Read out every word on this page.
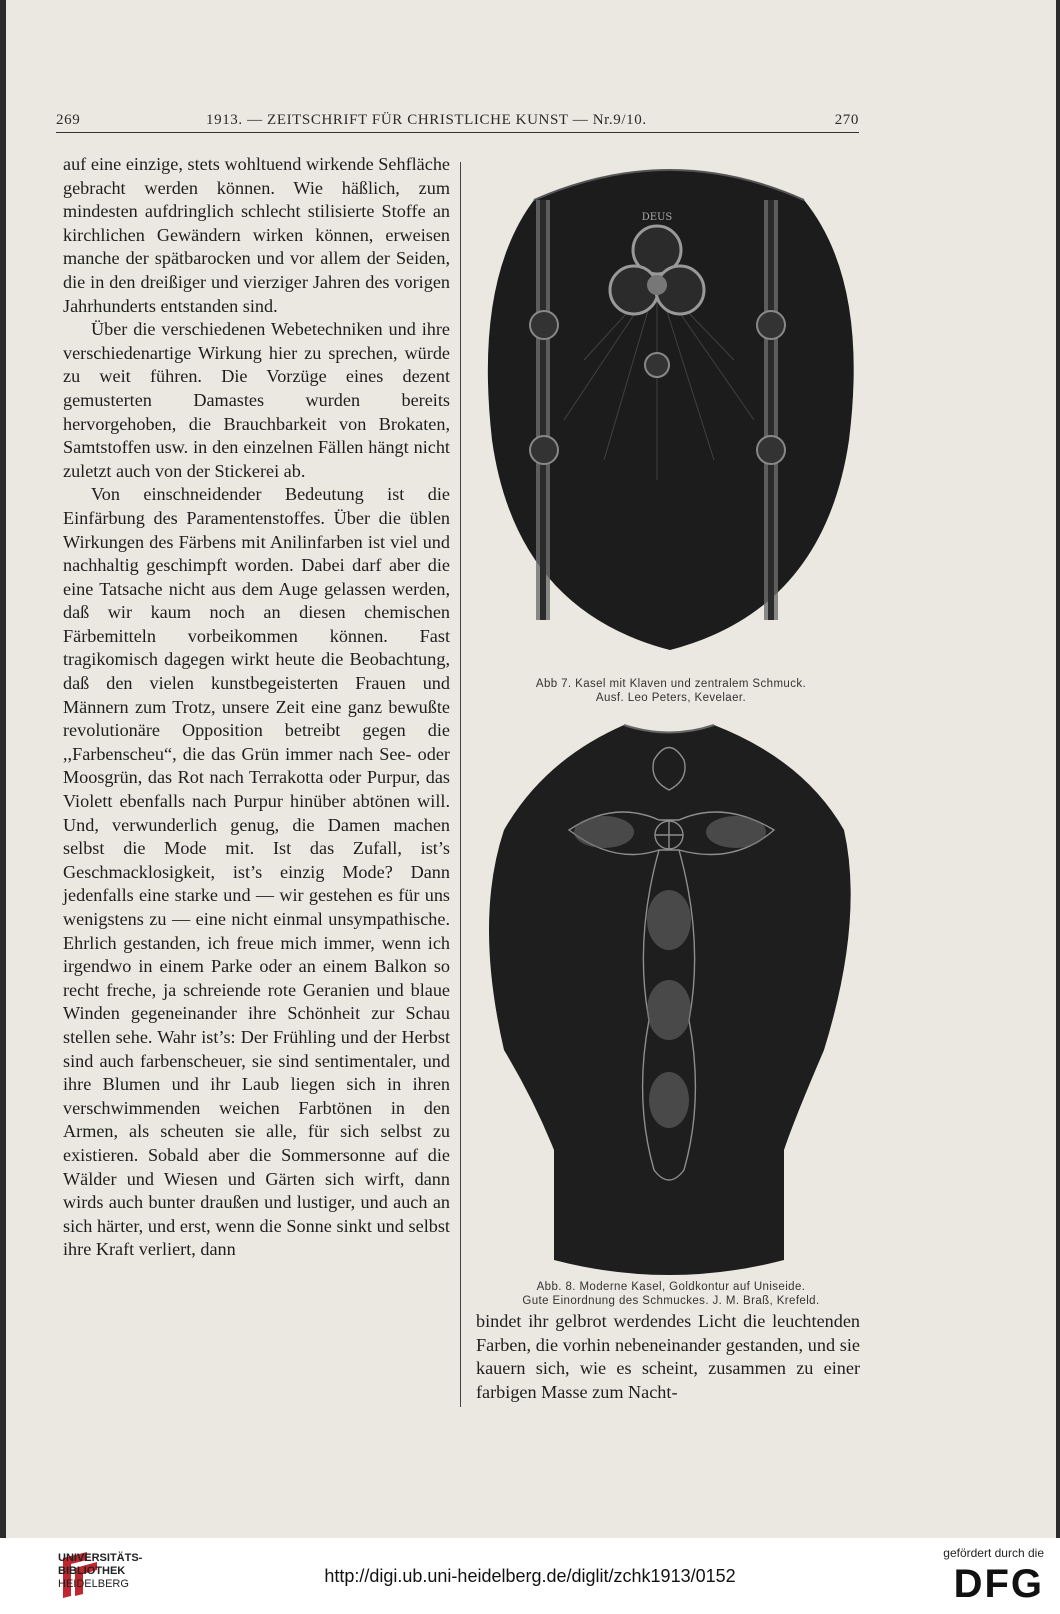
269	1913. — ZEITSCHRIFT FÜR CHRISTLICHE KUNST — Nr.9/10.	270

auf eine einzige, stets wohltuend wirkende Sehfläche gebracht werden können. Wie häßlich, zum mindesten aufdringlich schlecht stilisierte Stoffe an kirchlichen Gewändern wirken können, erweisen manche der spätbarocken und vor allem der Seiden, die in den dreißiger und vierziger Jahren des vorigen Jahrhunderts entstanden sind.

Über die verschiedenen Webetechniken und ihre verschiedenartige Wirkung hier zu sprechen, würde zu weit führen. Die Vorzüge eines dezent gemusterten Damastes wurden bereits hervorgehoben, die Brauchbarkeit von Brokaten, Samtstoffen usw. in den einzelnen Fällen hängt nicht zuletzt auch von der Stickerei ab.

Von einschneidender Bedeutung ist die Einfärbung des Paramentenstoffes. Über die üblen Wirkungen des Färbens mit Anilinfarben ist viel und nachhaltig geschimpft worden. Dabei darf aber die eine Tatsache nicht aus dem Auge gelassen werden, daß wir kaum noch an diesen chemischen Färbemitteln vorbeikommen können. Fast tragikomisch dagegen wirkt heute die Beobachtung, daß den vielen kunstbegeisterten Frauen und Männern zum Trotz, unsere Zeit eine ganz bewußte revolutionäre Opposition betreibt gegen die ,,Farbenscheu“, die das Grün immer nach See- oder Moosgrün, das Rot nach Terrakotta oder Purpur, das Violett ebenfalls nach Purpur hinüber abtönen will. Und, verwunderlich genug, die Damen machen selbst die Mode mit. Ist das Zufall, ist’s Geschmacklosigkeit, ist’s einzig Mode? Dann jedenfalls eine starke und — wir gestehen es für uns wenigstens zu — eine nicht einmal unsympathische. Ehrlich gestanden, ich freue mich immer, wenn ich irgendwo in einem Parke oder an einem Balkon so recht freche, ja schreiende rote Geranien und blaue Winden gegeneinander ihre Schönheit zur Schau stellen sehe. Wahr ist’s: Der Frühling und der Herbst sind auch farbenscheuer, sie sind sentimentaler, und ihre Blumen und ihr Laub liegen sich in ihren verschwimmenden weichen Farbtönen in den Armen, als scheuten sie alle, für sich selbst zu existieren. Sobald aber die Sommersonne auf die Wälder und Wiesen und Gärten sich wirft, dann wirds auch bunter draußen und lustiger, und auch an sich härter, und erst, wenn die Sonne sinkt und selbst ihre Kraft verliert, dann

DEUS
Abb 7. Kasel mit Klaven und zentralem Schmuck.
Ausf. Leo Peters, Kevelaer.
Abb. 8. Moderne Kasel, Goldkontur auf Uniseide.
Gute Einordnung des Schmuckes. J. M. Braß, Krefeld.

bindet ihr gelbrot werdendes Licht die leuchtenden Farben, die vorhin nebeneinander gestanden, und sie kauern sich, wie es scheint, zusammen zu einer farbigen Masse zum Nacht-

UNIVERSITÄTS-
BIBLIOTHEK
HEIDELBERG	http://digi.ub.uni-heidelberg.de/diglit/zchk1913/0152
gefördert durch die
DFG
